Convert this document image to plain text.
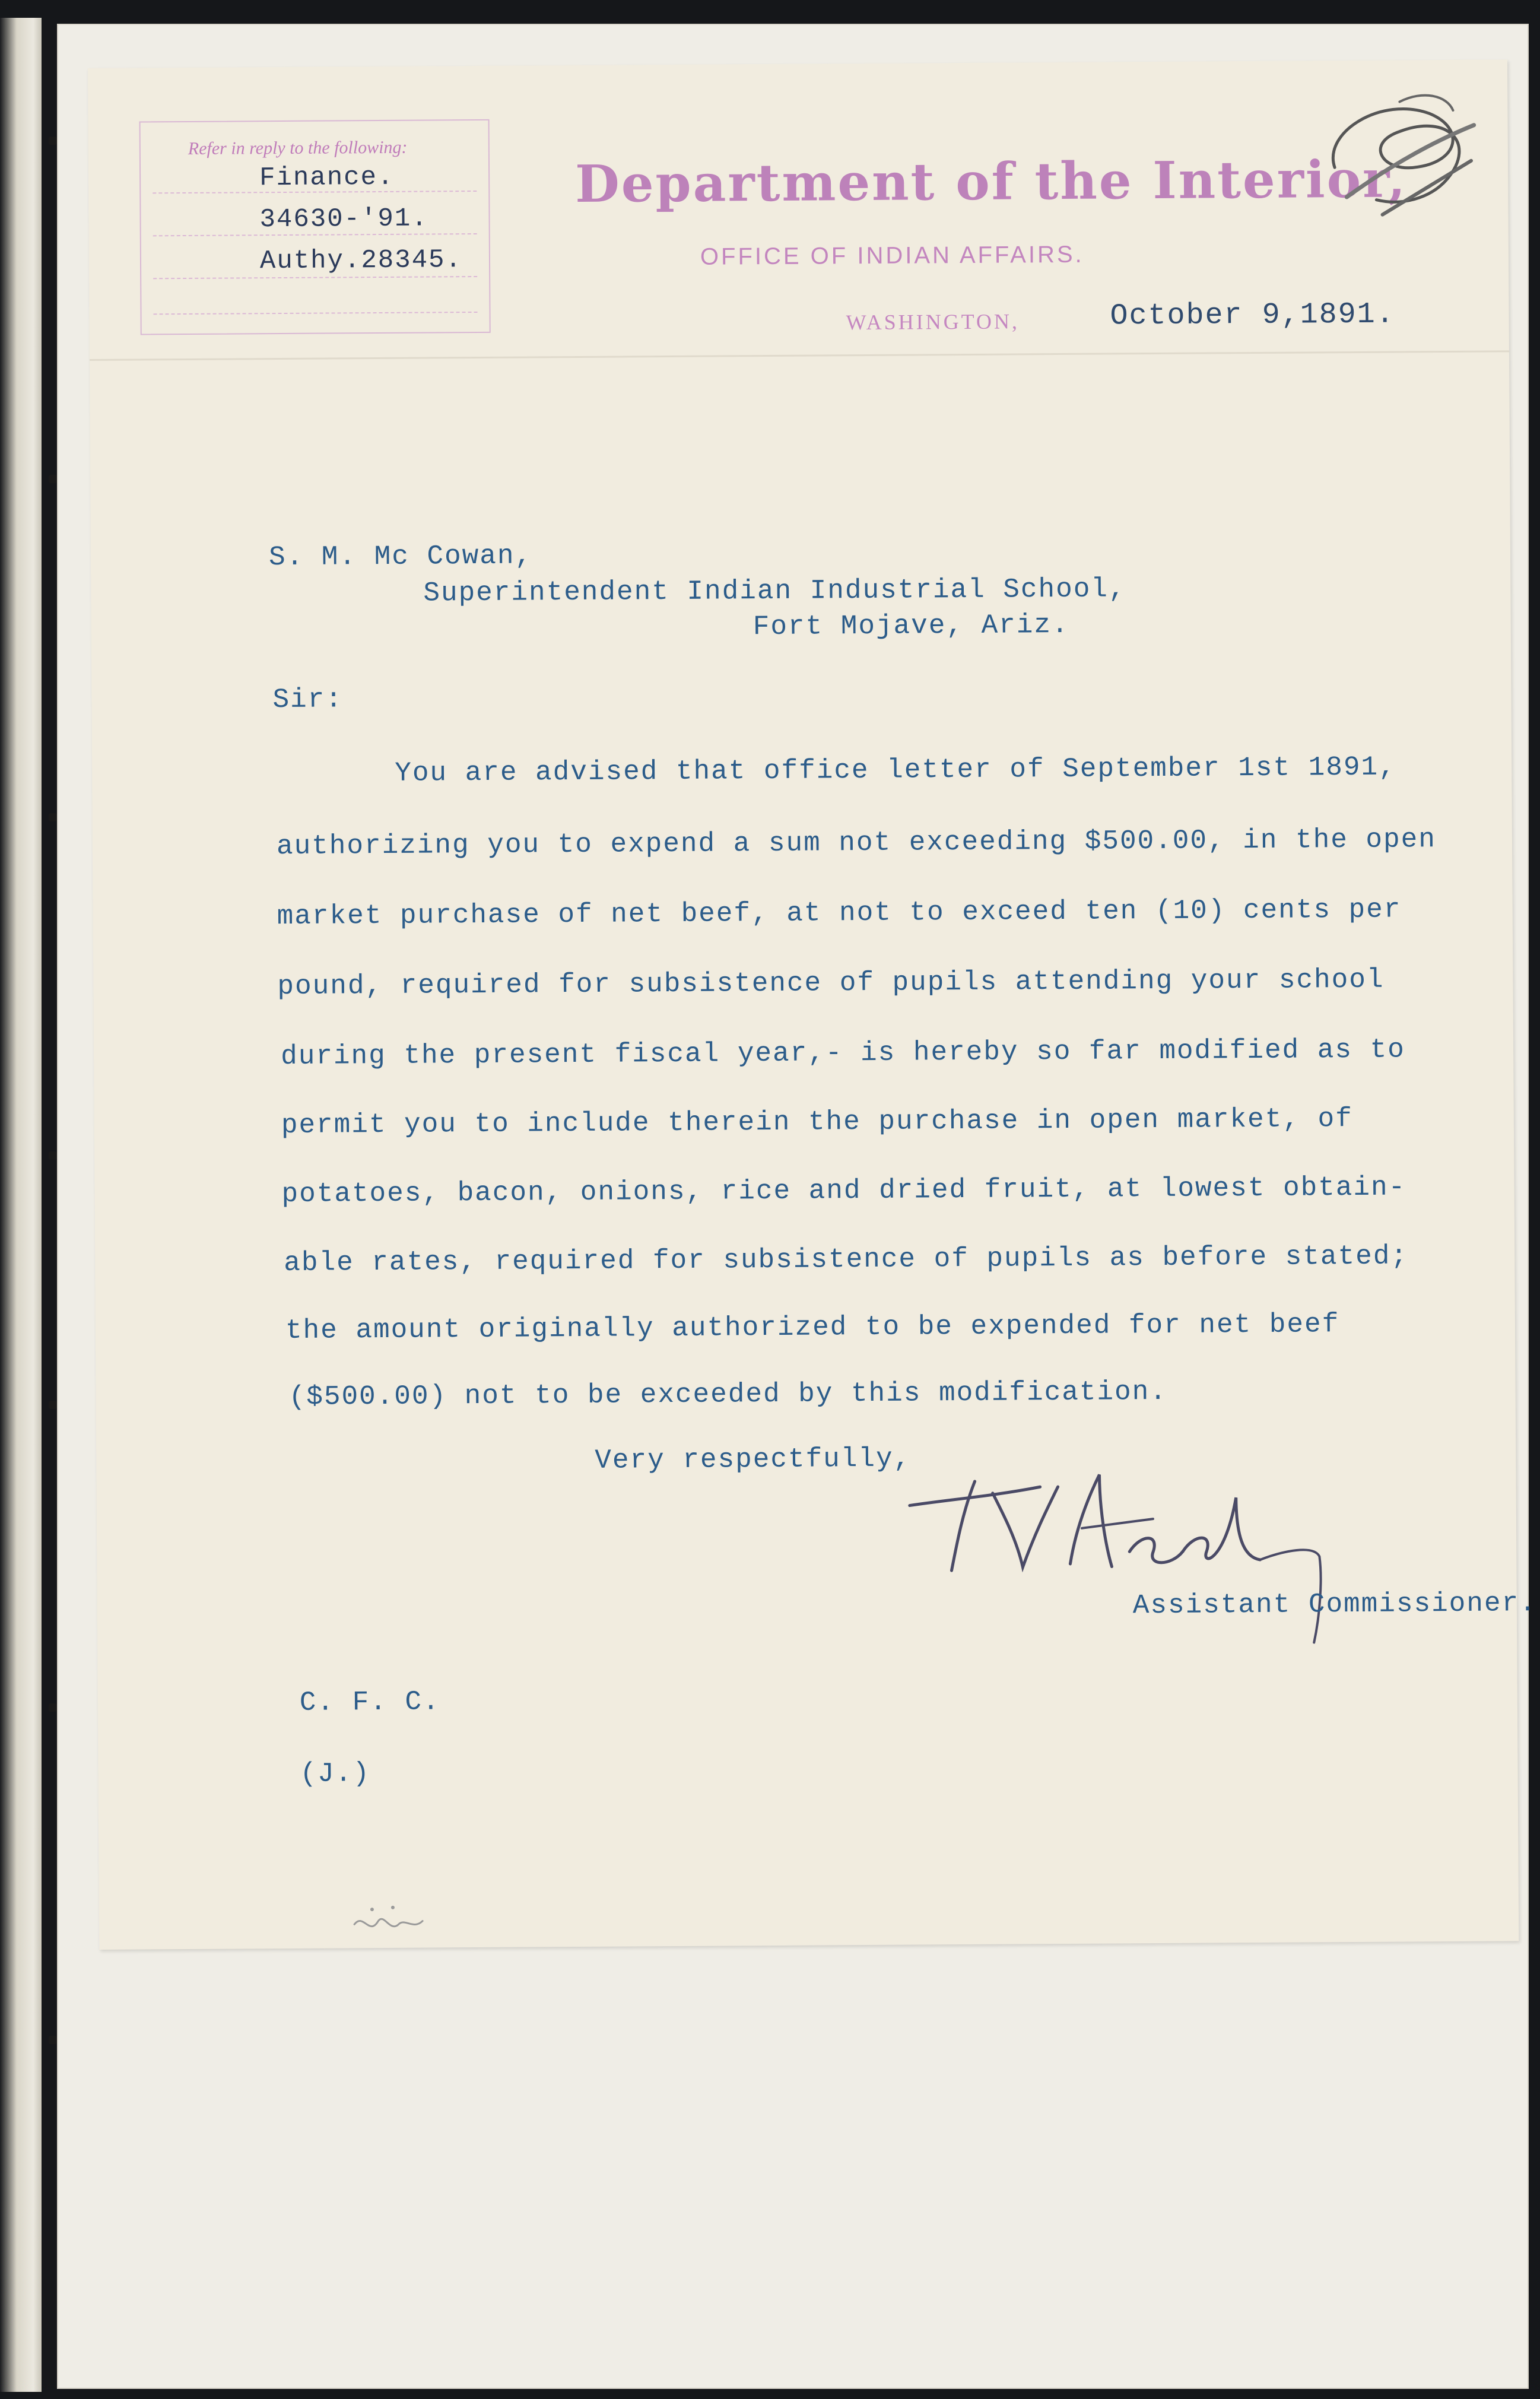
Refer in reply to the following:
Finance.
34630-'91.
Authy.28345.
Department of the Interior,
OFFICE OF INDIAN AFFAIRS.
WASHINGTON,	October 9,1891.
S. M. Mc Cowan,
Superintendent Indian Industrial School,
Fort Mojave, Ariz.
Sir:
You are advised that office letter of September 1st 1891,
authorizing you to expend a sum not exceeding $500.00, in the open
market purchase of net beef, at not to exceed ten (10) cents per
pound, required for subsistence of pupils attending your school
during the present fiscal year,- is hereby so far modified as to
permit you to include therein the purchase in open market, of
potatoes, bacon, onions, rice and dried fruit, at lowest obtain-
able rates, required for subsistence of pupils as before stated;
the amount originally authorized to be expended for net beef
($500.00) not to be exceeded by this modification.
Very respectfully,
Assistant Commissioner.
C. F. C.
(J.)
